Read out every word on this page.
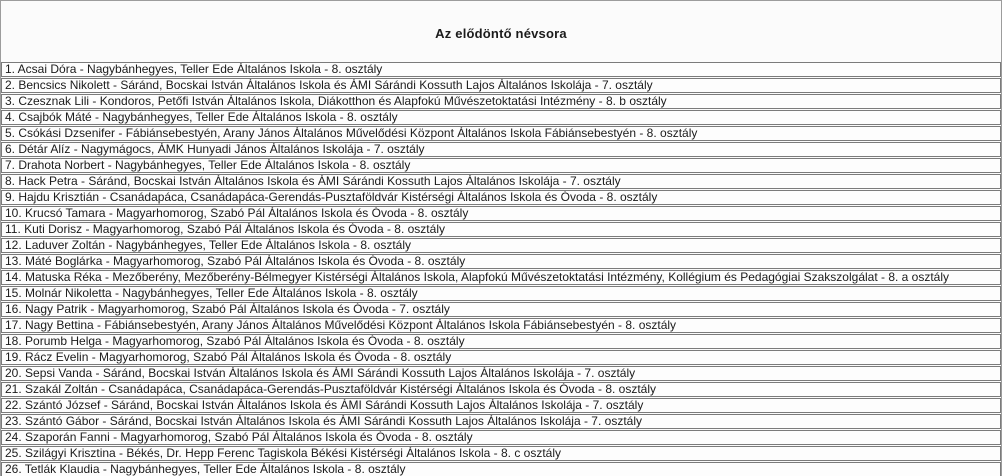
Az elődöntő névsora
1. Acsai Dóra - Nagybánhegyes, Teller Ede Általános Iskola - 8. osztály
2. Bencsics Nikolett - Sáránd, Bocskai István Általános Iskola és ÁMI Sárándi Kossuth Lajos Általános Iskolája - 7. osztály
3. Czesznak Lili - Kondoros, Petőfi István Általános Iskola, Diákotthon és Alapfokú Művészetoktatási Intézmény - 8. b osztály
4. Csajbók Máté - Nagybánhegyes, Teller Ede Általános Iskola - 8. osztály
5. Csókási Dzsenifer - Fábiánsebestyén, Arany János Általános Művelődési Központ Általános Iskola Fábiánsebestyén - 8. osztály
6. Détár Alíz - Nagymágocs, ÁMK Hunyadi János Általános Iskolája - 7. osztály
7. Drahota Norbert - Nagybánhegyes, Teller Ede Általános Iskola - 8. osztály
8. Hack Petra - Sáránd, Bocskai István Általános Iskola és ÁMI Sárándi Kossuth Lajos Általános Iskolája - 7. osztály
9. Hajdu Krisztián - Csanádapáca, Csanádapáca-Gerendás-Pusztaföldvár Kistérségi Általános Iskola és Óvoda - 8. osztály
10. Krucsó Tamara - Magyarhomorog, Szabó Pál Általános Iskola és Óvoda - 8. osztály
11. Kuti Dorisz - Magyarhomorog, Szabó Pál Általános Iskola és Óvoda - 8. osztály
12. Laduver Zoltán - Nagybánhegyes, Teller Ede Általános Iskola - 8. osztály
13. Máté Boglárka - Magyarhomorog, Szabó Pál Általános Iskola és Óvoda - 8. osztály
14. Matuska Réka - Mezőberény, Mezőberény-Bélmegyer Kistérségi Általános Iskola, Alapfokú Művészetoktatási Intézmény, Kollégium és Pedagógiai Szakszolgálat - 8. a osztály
15. Molnár Nikoletta - Nagybánhegyes, Teller Ede Általános Iskola - 8. osztály
16. Nagy Patrik - Magyarhomorog, Szabó Pál Általános Iskola és Óvoda - 7. osztály
17. Nagy Bettina - Fábiánsebestyén, Arany János Általános Művelődési Központ Általános Iskola Fábiánsebestyén - 8. osztály
18. Porumb Helga - Magyarhomorog, Szabó Pál Általános Iskola és Óvoda - 8. osztály
19. Rácz Evelin - Magyarhomorog, Szabó Pál Általános Iskola és Óvoda - 8. osztály
20. Sepsi Vanda - Sáránd, Bocskai István Általános Iskola és ÁMI Sárándi Kossuth Lajos Általános Iskolája - 7. osztály
21. Szakál Zoltán - Csanádapáca, Csanádapáca-Gerendás-Pusztaföldvár Kistérségi Általános Iskola és Óvoda - 8. osztály
22. Szántó József - Sáránd, Bocskai István Általános Iskola és ÁMI Sárándi Kossuth Lajos Általános Iskolája - 7. osztály
23. Szántó Gábor - Sáránd, Bocskai István Általános Iskola és ÁMI Sárándi Kossuth Lajos Általános Iskolája - 7. osztály
24. Szaporán Fanni - Magyarhomorog, Szabó Pál Általános Iskola és Óvoda - 8. osztály
25. Szilágyi Krisztina - Békés, Dr. Hepp Ferenc Tagiskola Békési Kistérségi Általános Iskola - 8. c osztály
26. Tetlák Klaudia - Nagybánhegyes, Teller Ede Általános Iskola - 8. osztály
